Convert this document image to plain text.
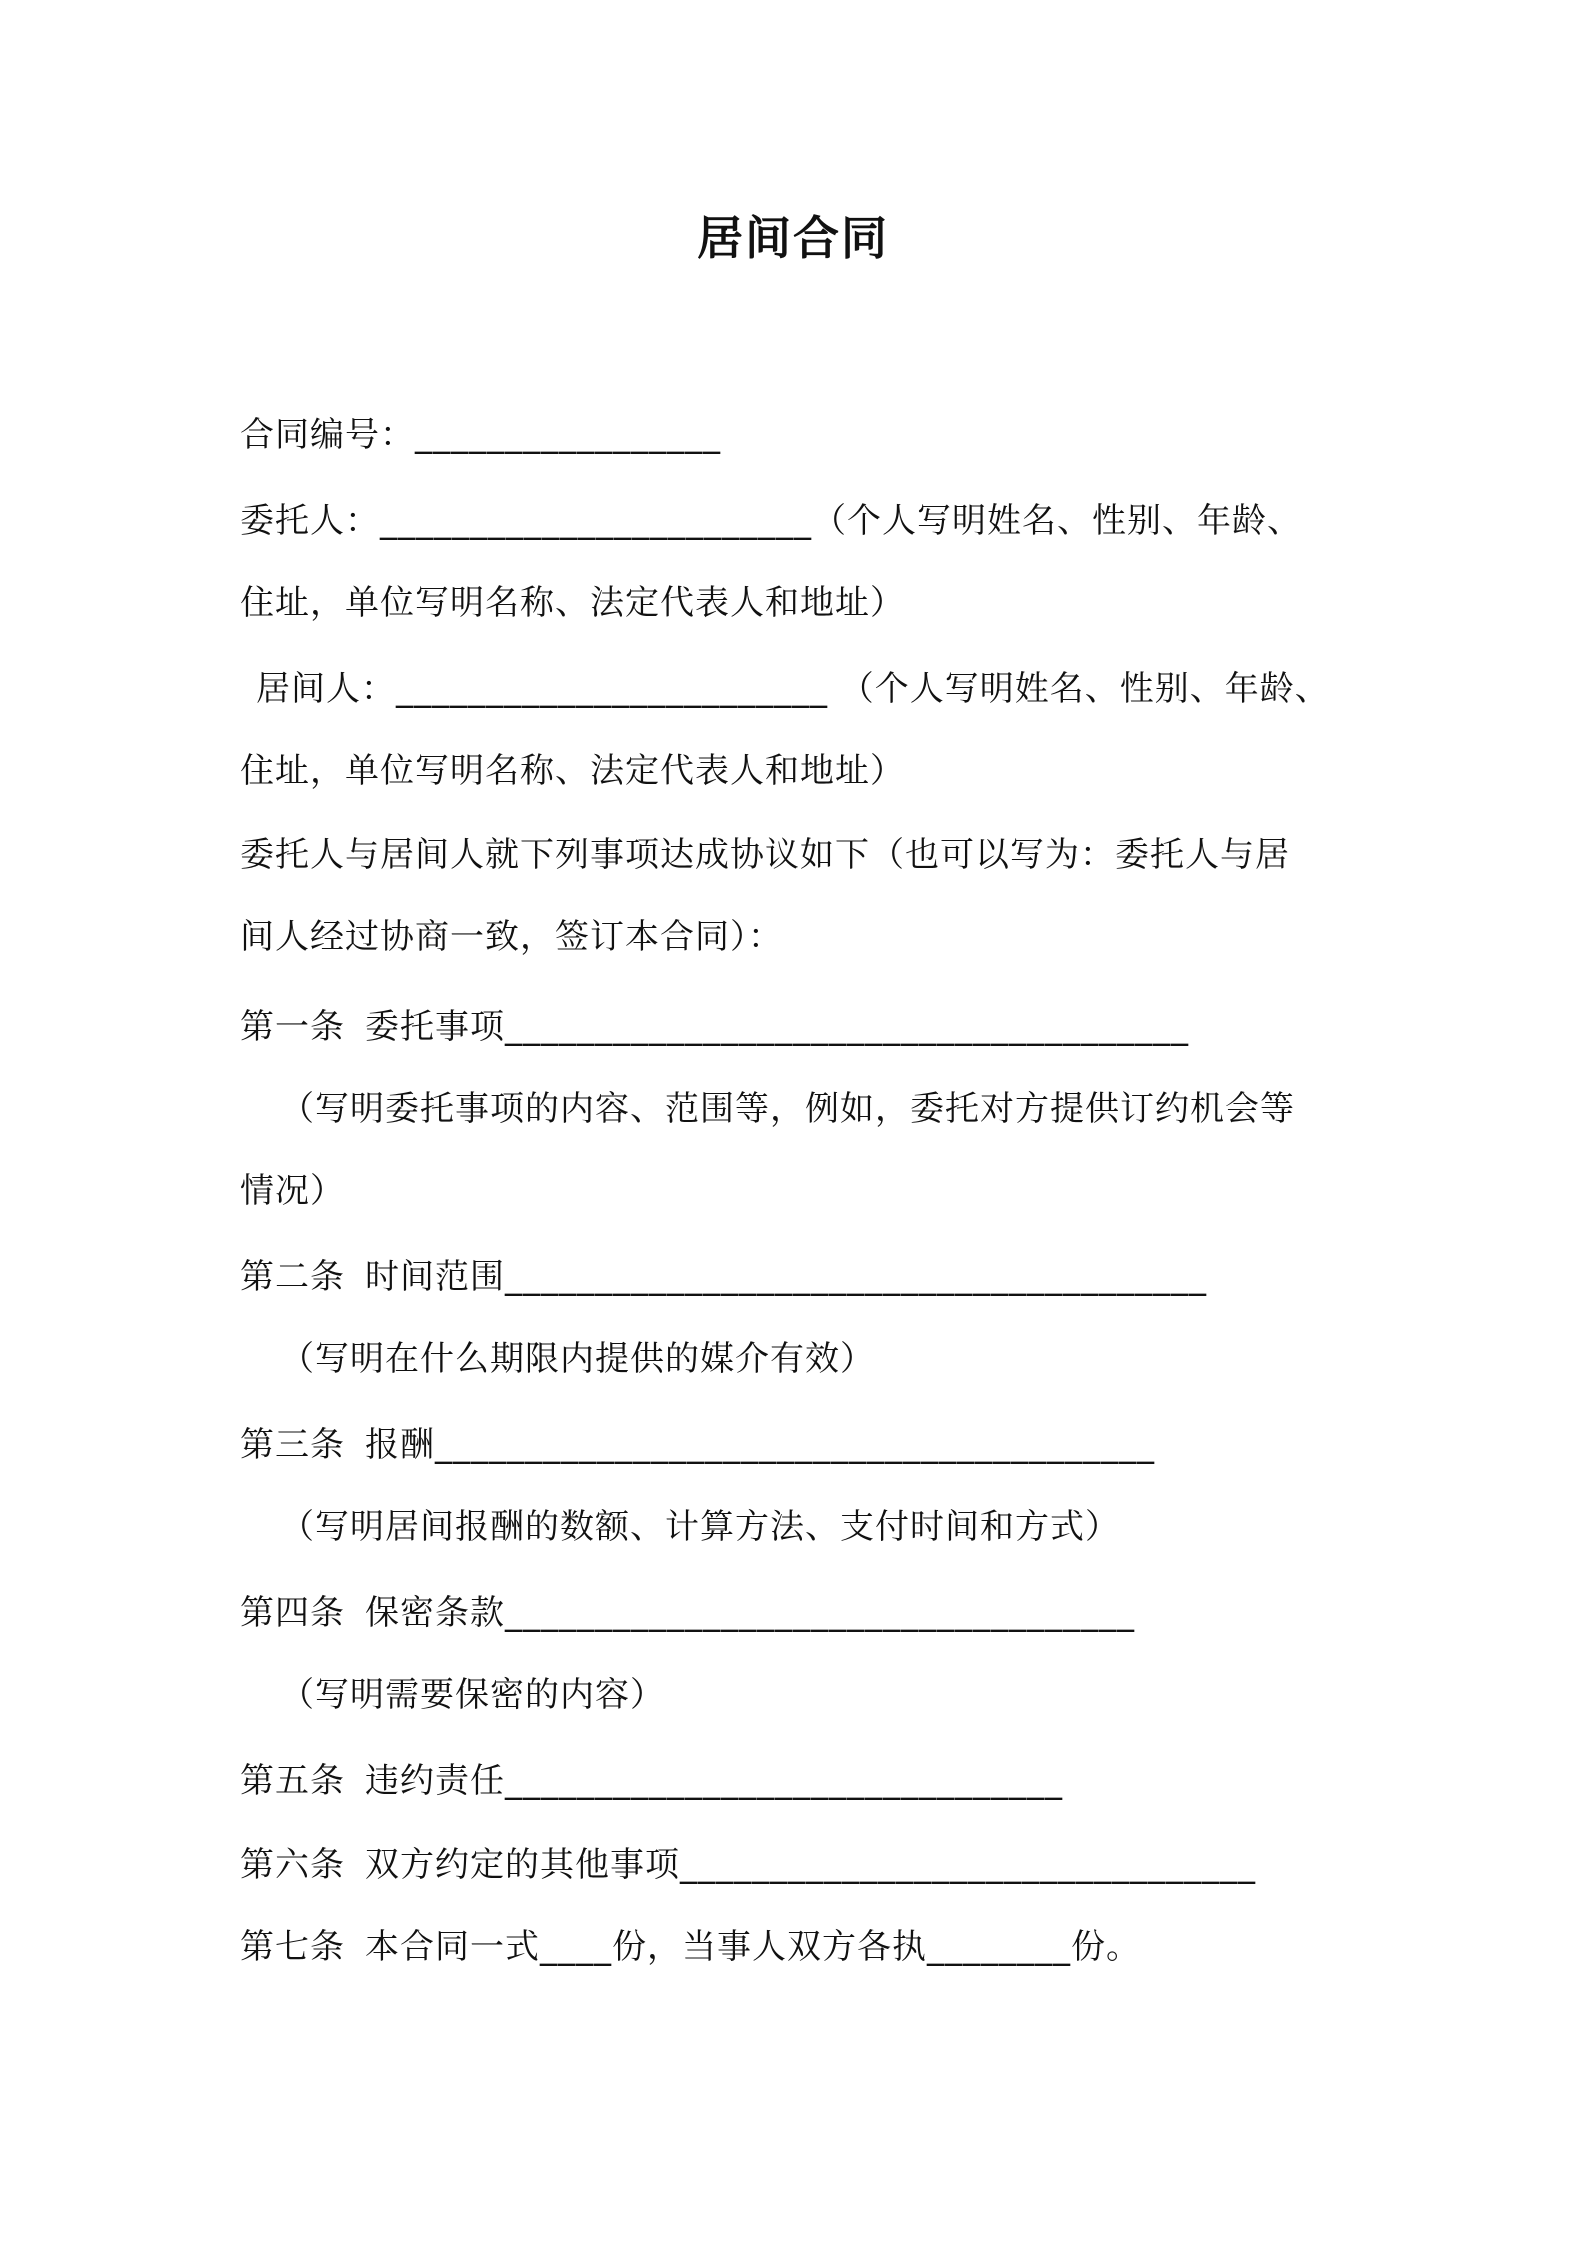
居间合同
合同编号：_________________
委托人：________________________（个人写明姓名、性别、年龄、
住址，单位写明名称、法定代表人和地址）
居间人：________________________ （个人写明姓名、性别、年龄、
住址，单位写明名称、法定代表人和地址）
委托人与居间人就下列事项达成协议如下（也可以写为：委托人与居
间人经过协商一致，签订本合同）：
第一条 委托事项______________________________________
（写明委托事项的内容、范围等，例如，委托对方提供订约机会等
情况）
第二条 时间范围_______________________________________
（写明在什么期限内提供的媒介有效）
第三条 报酬________________________________________
（写明居间报酬的数额、计算方法、支付时间和方式）
第四条 保密条款___________________________________
（写明需要保密的内容）
第五条 违约责任_______________________________
第六条 双方约定的其他事项________________________________
第七条 本合同一式____份，当事人双方各执________份。
